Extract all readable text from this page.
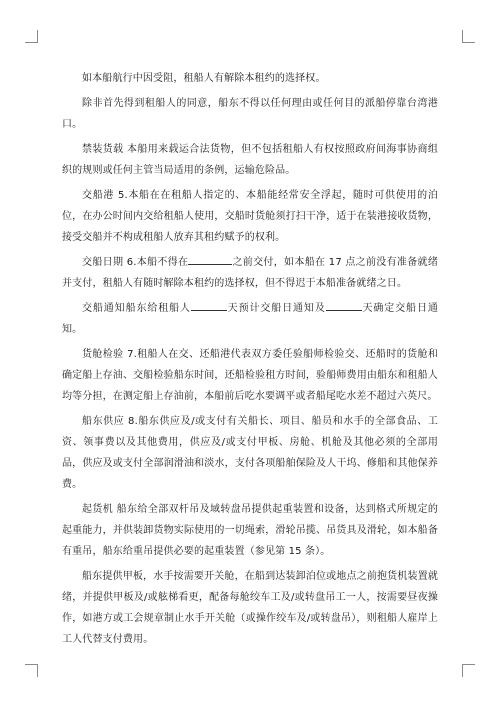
如本船航行中因受阻，租船人有解除本租约的选择权。

除非首先得到租船人的同意，船东不得以任何理由或任何目的派船停靠台湾港口。

禁装货载 本船用来载运合法货物，但不包括租船人有权按照政府间海事协商组织的规则或任何主管当局适用的条例，运输危险品。

交船港 5.本船在在租船人指定的、本船能经常安全浮起，随时可供使用的泊位，在办公时间内交给租船人使用，交船时货舱须打扫干净，适于在装港接收货物，接受交船并不构成租船人放弃其租约赋予的权利。

交船日期 6.本船不得在	之前交付，如本船在 17 点之前没有准备就绪并支付，租船人有随时解除本租约的选择权，但不得迟于本船准备就绪之日。

交船通知船东给租船人	天预计交船日通知及	天确定交船日通知。

货舱检验 7.租船人在交、还船港代表双方委任验船师检验交、还船时的货舱和确定船上存油、交船检验船东时间，还船检验租方时间，验船师费用由船东和租船人均等分担，在测定船上存油前，本船前后吃水要调平或者船尾吃水差不超过六英尺。

船东供应 8.船东供应及/或支付有关船长、项目、船员和水手的全部食品、工资、领事费以及其他费用，供应及/或支付甲板、房舱、机舱及其他必须的全部用品，供应及或支付全部润滑油和淡水，支付各项船舶保险及人干坞、修船和其他保养费。

起货机 船东给全部双杆吊及域转盘吊提供起重装置和设备，达到格式所规定的起重能力，并供装卸货物实际使用的一切绳索，滑轮吊揽、吊货具及滑轮，如本船备有重吊，船东给重吊提供必要的起重装置（参见第 15 条）。

船东提供甲板，水手按需要开关舱，在船到达装卸泊位或地点之前抱货机装置就绪，并提供甲板及/或舷梯看更，配备每舱绞车工及/或转盘吊工一人，按需要昼夜操作，如港方或工会规章制止水手开关舱（或操作绞车及/或转盘吊），则租船人雇岸上工人代替支付费用。
